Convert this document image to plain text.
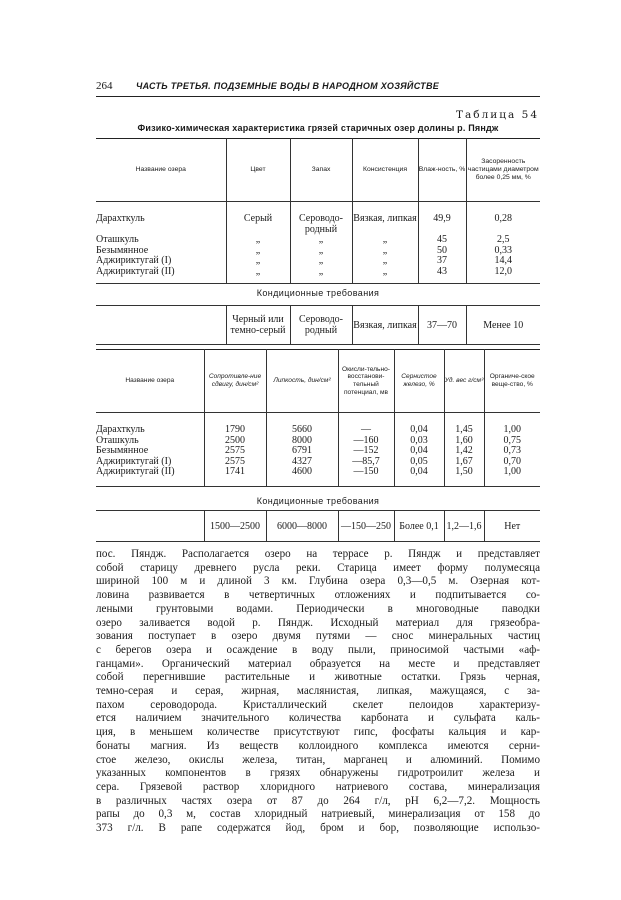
264	ЧАСТЬ ТРЕТЬЯ. ПОДЗЕМНЫЕ ВОДЫ В НАРОДНОМ ХОЗЯЙСТВЕ
Таблица 54
Физико-химическая характеристика грязей старичных озер долины р. Пяндж
Название озера	Цвет	Запах	Консистенция	Влаж-ность, %	Засоренность частицами диаметром более 0,25 мм, %
Дарахткуль	Серый	Сероводо-родный	Вязкая, липкая	49,9	0,28
Оташкуль	„	„	„	45	2,5
Безымянное	„	„	„	50	0,33
Аджириктугай (I)	„	„	„	37	14,4
Аджириктугай (II)	„	„	„	43	12,0
Кондиционные требования
	Черный или темно-серый	Сероводо-родный	Вязкая, липкая	37—70	Менее 10
Название озера	Сопротивле-ние сдвигу, дин/см²	Липкость, дин/см²	Окисли-тельно-восстанови-тельный потенциал, мв	Сернистое железо, %	Уд. вес г/см³	Органиче-ское веще-ство, %
Дарахткуль	1790	5660	—	0,04	1,45	1,00
Оташкуль	2500	8000	—160	0,03	1,60	0,75
Безымянное	2575	6791	—152	0,04	1,42	0,73
Аджириктугай (I)	2575	4327	—85,7	0,05	1,67	0,70
Аджириктугай (II)	1741	4600	—150	0,04	1,50	1,00
Кондиционные требования
	1500—2500	6000—8000	—150—250	Более 0,1	1,2—1,6	Нет
пос. Пяндж. Располагается озеро на террасе р. Пяндж и представляет
собой старицу древнего русла реки. Старица имеет форму полумесяца
шириной 100 м и длиной 3 км. Глубина озера 0,3—0,5 м. Озерная кот-
ловина развивается в четвертичных отложениях и подпитывается со-
леными грунтовыми водами. Периодически в многоводные паводки
озеро заливается водой р. Пяндж. Исходный материал для грязеобра-
зования поступает в озеро двумя путями — снос минеральных частиц
с берегов озера и осаждение в воду пыли, приносимой частыми «аф-
ганцами». Органический материал образуется на месте и представляет
собой перегнившие растительные и животные остатки. Грязь черная,
темно-серая и серая, жирная, маслянистая, липкая, мажущаяся, с за-
пахом сероводорода. Кристаллический скелет пелоидов характеризу-
ется наличием значительного количества карбоната и сульфата каль-
ция, в меньшем количестве присутствуют гипс, фосфаты кальция и кар-
бонаты магния. Из веществ коллоидного комплекса имеются серни-
стое железо, окислы железа, титан, марганец и алюминий. Помимо
указанных компонентов в грязях обнаружены гидротроилит железа и
сера. Грязевой раствор хлоридного натриевого состава, минерализация
в различных частях озера от 87 до 264 г/л, pH 6,2—7,2. Мощность
рапы до 0,3 м, состав хлоридный натриевый, минерализация от 158 до
373 г/л. В рапе содержатся йод, бром и бор, позволяющие использо-
